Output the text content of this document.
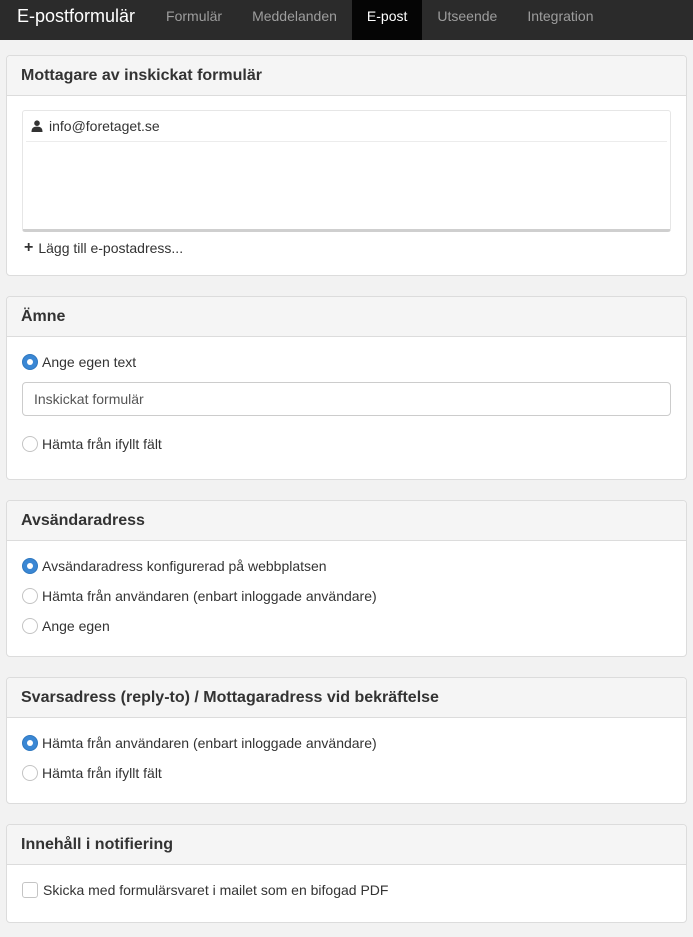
E-postformulär	Formulär	Meddelanden	E-post	Utseende	Integration
Mottagare av inskickat formulär
info@foretaget.se
+ Lägg till e-postadress...
Ämne
Ange egen text
Inskickat formulär
Hämta från ifyllt fält
Avsändaradress
Avsändaradress konfigurerad på webbplatsen
Hämta från användaren (enbart inloggade användare)
Ange egen
Svarsadress (reply-to) / Mottagaradress vid bekräftelse
Hämta från användaren (enbart inloggade användare)
Hämta från ifyllt fält
Innehåll i notifiering
Skicka med formulärsvaret i mailet som en bifogad PDF
